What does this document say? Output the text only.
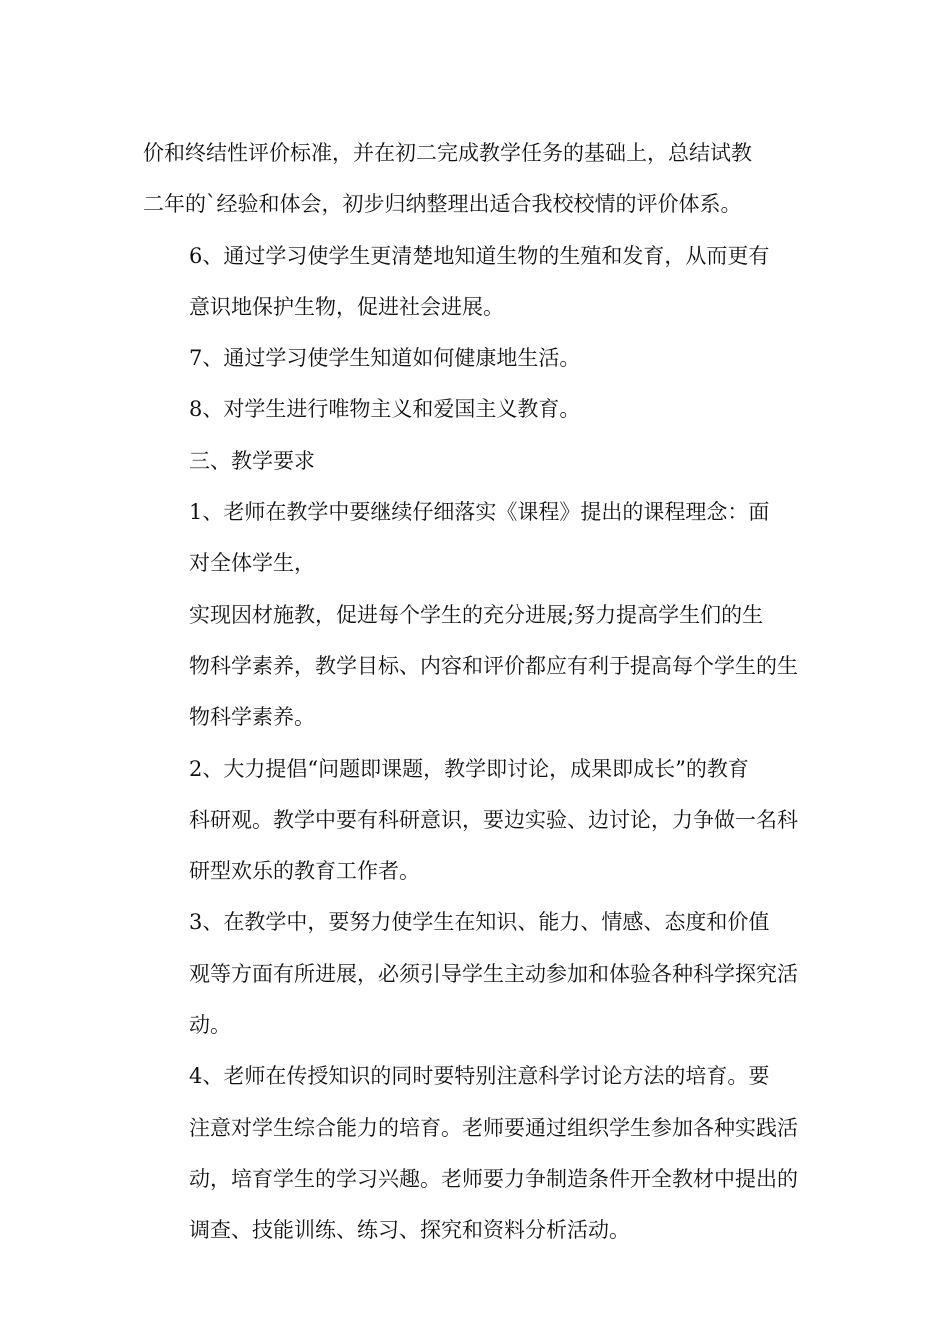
价和终结性评价标准，并在初二完成教学任务的基础上，总结试教
二年的`经验和体会，初步归纳整理出适合我校校情的评价体系。
6、通过学习使学生更清楚地知道生物的生殖和发育，从而更有
意识地保护生物，促进社会进展。
7、通过学习使学生知道如何健康地生活。
8、对学生进行唯物主义和爱国主义教育。
三、教学要求
1、老师在教学中要继续仔细落实《课程》提出的课程理念：面
对全体学生，
实现因材施教，促进每个学生的充分进展;努力提高学生们的生
物科学素养，教学目标、内容和评价都应有利于提高每个学生的生
物科学素养。
2、大力提倡“问题即课题，教学即讨论，成果即成长”的教育
科研观。教学中要有科研意识，要边实验、边讨论，力争做一名科
研型欢乐的教育工作者。
3、在教学中，要努力使学生在知识、能力、情感、态度和价值
观等方面有所进展，必须引导学生主动参加和体验各种科学探究活
动。
4、老师在传授知识的同时要特别注意科学讨论方法的培育。要
注意对学生综合能力的培育。老师要通过组织学生参加各种实践活
动，培育学生的学习兴趣。老师要力争制造条件开全教材中提出的
调查、技能训练、练习、探究和资料分析活动。
